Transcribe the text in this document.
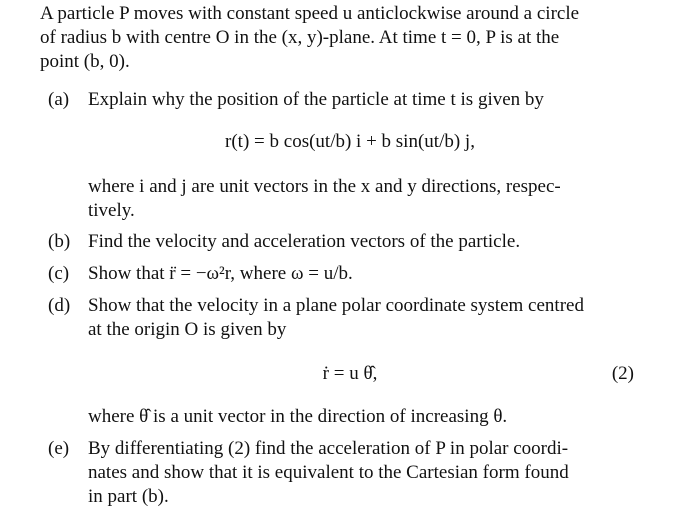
A particle P moves with constant speed u anticlockwise around a circle
of radius b with centre O in the (x, y)-plane. At time t = 0, P is at the
point (b, 0).
(a) Explain why the position of the particle at time t is given by
r(t) = b cos(ut/b) i + b sin(ut/b) j,
where i and j are unit vectors in the x and y directions, respec-
tively.
(b) Find the velocity and acceleration vectors of the particle.
(c) Show that r̈ = −ω²r, where ω = u/b.
(d) Show that the velocity in a plane polar coordinate system centred
at the origin O is given by
ṙ = u θ̂,	(2)
where θ̂ is a unit vector in the direction of increasing θ.
(e) By differentiating (2) find the acceleration of P in polar coordi-
nates and show that it is equivalent to the Cartesian form found
in part (b).
